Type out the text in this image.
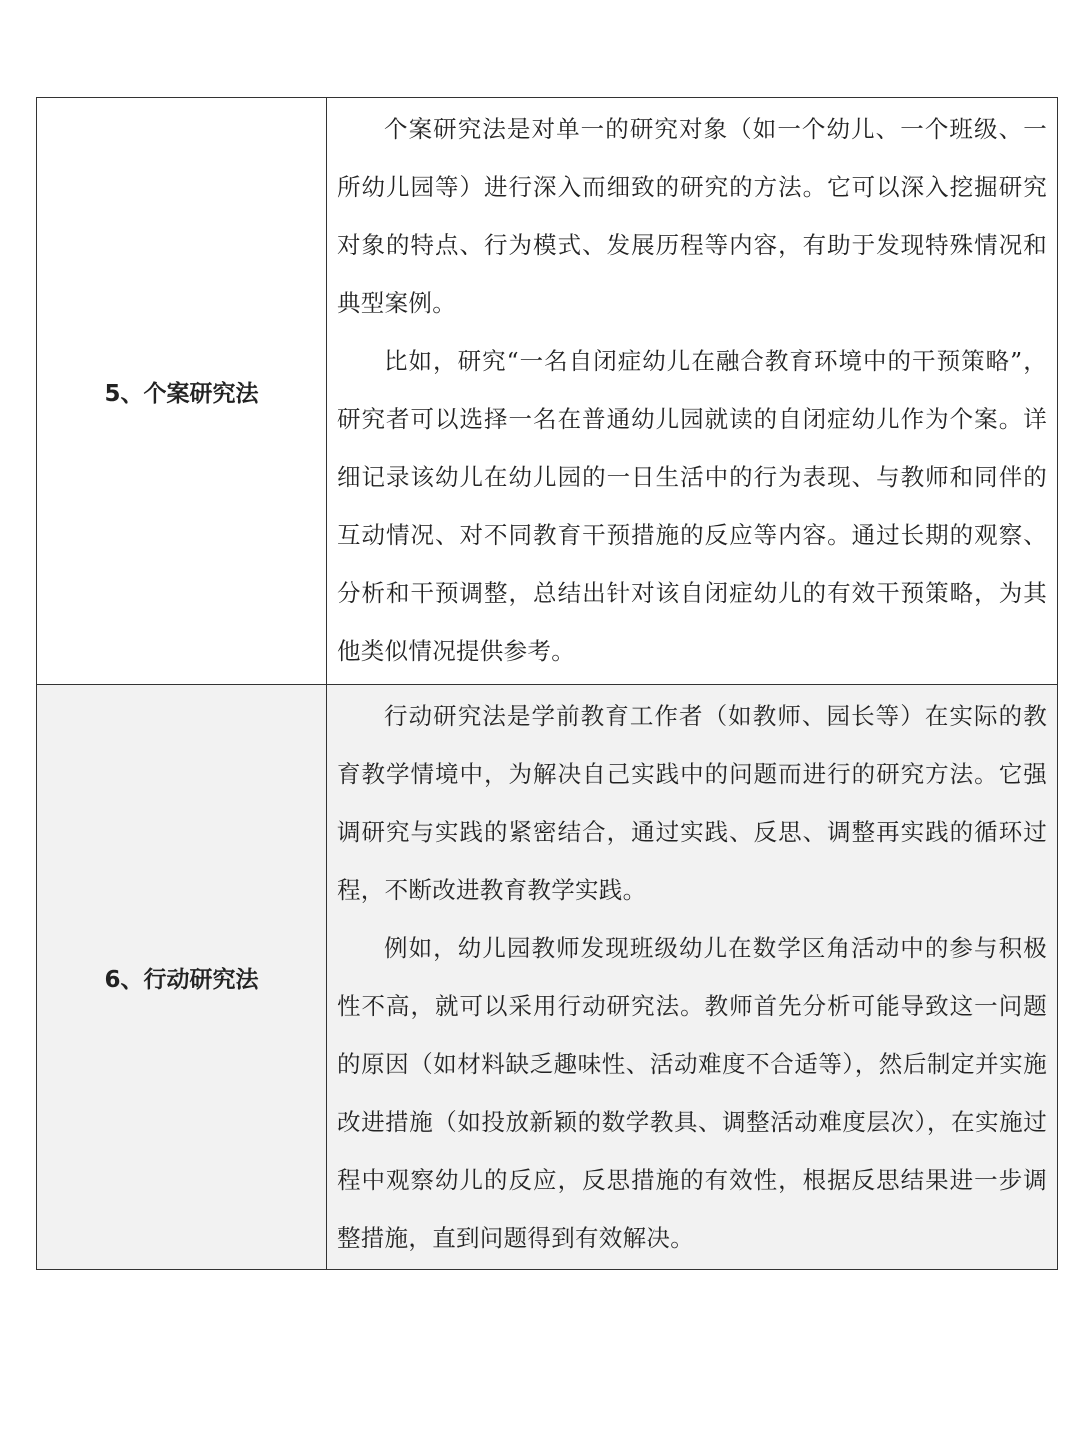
5、个案研究法	个案研究法是对单一的研究对象（如一个幼儿、一个班级、一所幼儿园等）进行深入而细致的研究的方法。它可以深入挖掘研究对象的特点、行为模式、发展历程等内容，有助于发现特殊情况和典型案例。

比如，研究“一名自闭症幼儿在融合教育环境中的干预策略”，研究者可以选择一名在普通幼儿园就读的自闭症幼儿作为个案。详细记录该幼儿在幼儿园的一日生活中的行为表现、与教师和同伴的互动情况、对不同教育干预措施的反应等内容。通过长期的观察、分析和干预调整，总结出针对该自闭症幼儿的有效干预策略，为其他类似情况提供参考。

6、行动研究法	行动研究法是学前教育工作者（如教师、园长等）在实际的教育教学情境中，为解决自己实践中的问题而进行的研究方法。它强调研究与实践的紧密结合，通过实践、反思、调整再实践的循环过程，不断改进教育教学实践。

例如，幼儿园教师发现班级幼儿在数学区角活动中的参与积极性不高，就可以采用行动研究法。教师首先分析可能导致这一问题的原因（如材料缺乏趣味性、活动难度不合适等），然后制定并实施改进措施（如投放新颖的数学教具、调整活动难度层次），在实施过程中观察幼儿的反应，反思措施的有效性，根据反思结果进一步调整措施，直到问题得到有效解决。
